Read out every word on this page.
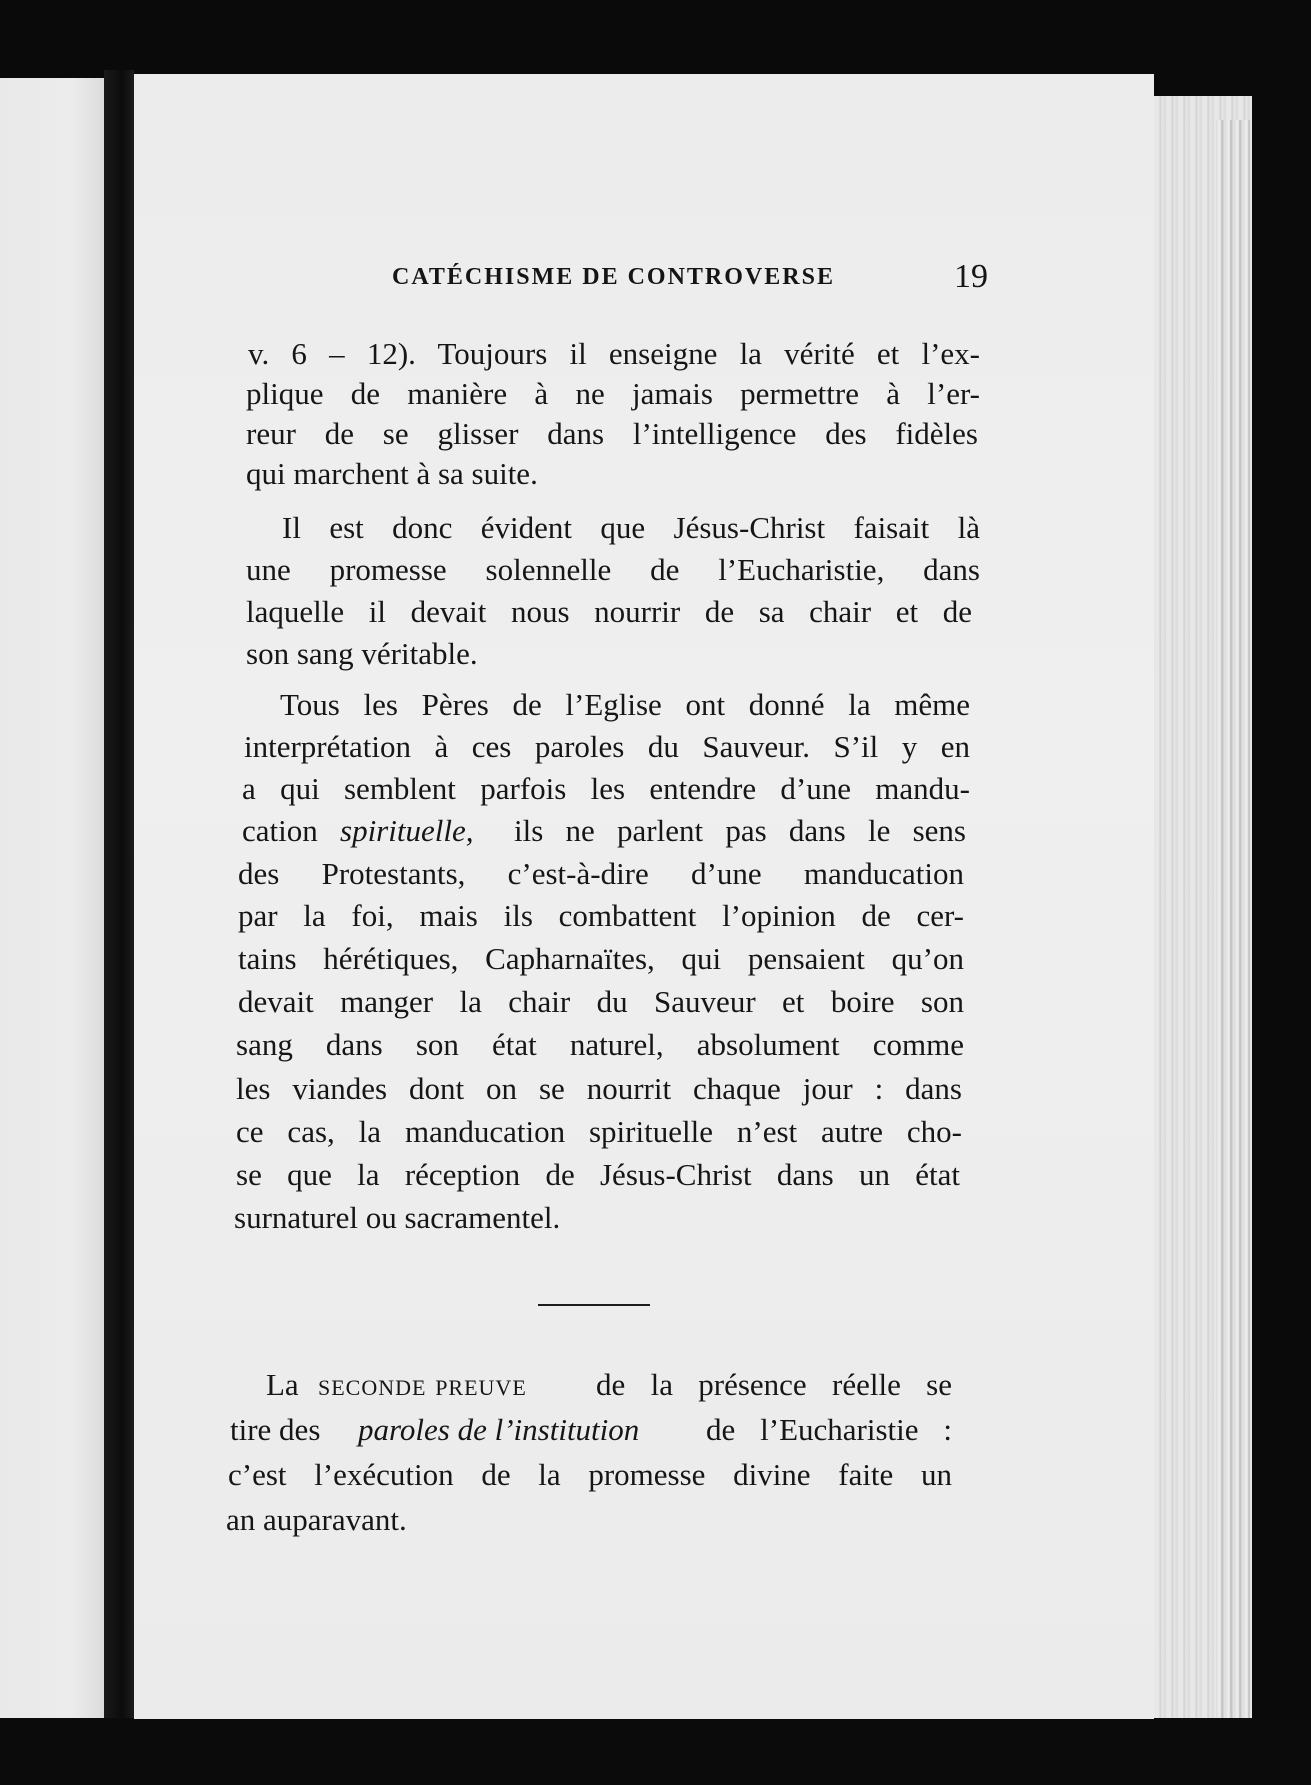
CATÉCHISME DE CONTROVERSE	19
v. 6 – 12). Toujours il enseigne la vérité et l’ex-
plique de manière à ne jamais permettre à l’er-
reur de se glisser dans l’intelligence des fidèles
qui marchent à sa suite.
Il est donc évident que Jésus-Christ faisait là
une promesse solennelle de l’Eucharistie, dans
laquelle il devait nous nourrir de sa chair et de
son sang véritable.
Tous les Pères de l’Eglise ont donné la même
interprétation à ces paroles du Sauveur. S’il y en
a qui semblent parfois les entendre d’une mandu-
cation spirituelle,	ils ne parlent pas dans le sens
des Protestants, c’est-à-dire d’une manducation
par la foi, mais ils combattent l’opinion de cer-
tains hérétiques, Capharnaïtes, qui pensaient qu’on
devait manger la chair du Sauveur et boire son
sang dans son état naturel, absolument comme
les viandes dont on se nourrit chaque jour : dans
ce cas, la manducation spirituelle n’est autre cho-
se que la réception de Jésus-Christ dans un état
surnaturel ou sacramentel.
La seconde preuve	de la présence réelle se
tire des	paroles de l’institution	de l’Eucharistie :
c’est l’exécution de la promesse divine faite un
an auparavant.
